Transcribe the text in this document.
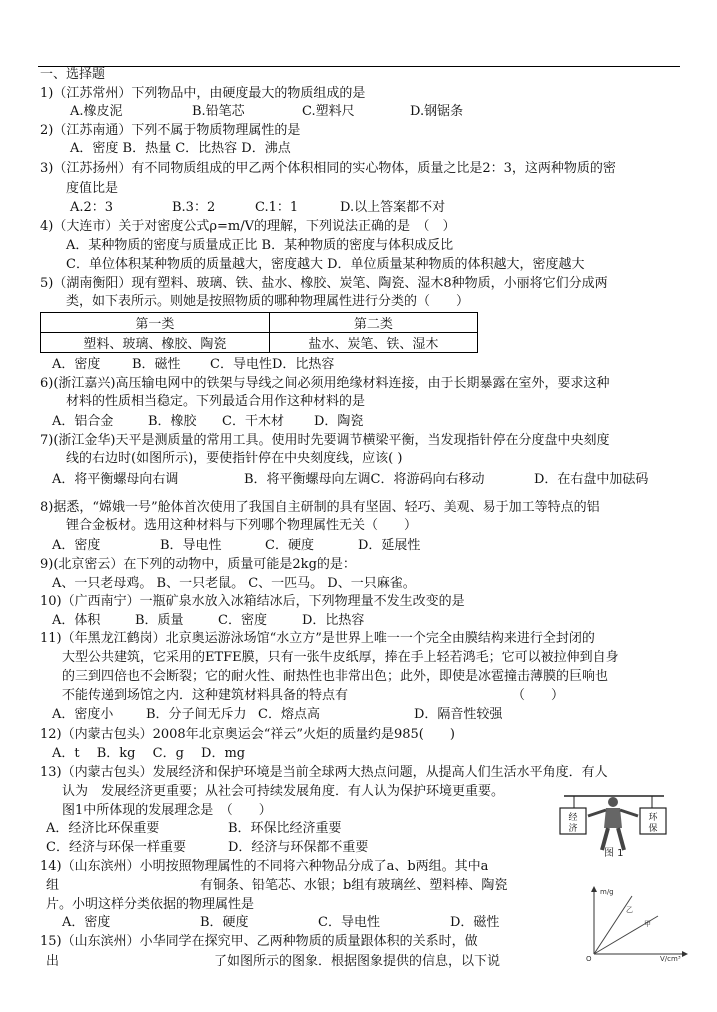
一、选择题
1)（江苏常州）下列物品中，由硬度最大的物质组成的是
A.橡皮泥	B.铅笔芯	C.塑料尺	D.钢锯条
2)（江苏南通）下列不属于物质物理属性的是
A．密度 B．热量 C．比热容 D．沸点
3)（江苏扬州）有不同物质组成的甲乙两个体积相同的实心物体，质量之比是2：3，这两种物质的密
度值比是
A.2：3	B.3：2	C.1：1	D.以上答案都不对
4)（大连市）关于对密度公式ρ=m/V的理解，下列说法正确的是　（　）
A．某种物质的密度与质量成正比 B．某种物质的密度与体积成反比
C．单位体积某种物质的质量越大，密度越大 D．单位质量某种物质的体积越大，密度越大
5)（湖南衡阳）现有塑料、玻璃、铁、盐水、橡胶、炭笔、陶瓷、湿木8种物质，小丽将它们分成两
类，如下表所示。则她是按照物质的哪种物理属性进行分类的（　　）
第一类	第二类
塑料、玻璃、橡胶、陶瓷	盐水、炭笔、铁、湿木
A．密度 B．磁性 C．导电性D．比热容
6)(浙江嘉兴)高压输电网中的铁架与导线之间必须用绝缘材料连接，由于长期暴露在室外，要求这种
材料的性质相当稳定。下列最适合用作这种材料的是
A．铝合金	B．橡胶 C．干木材 D．陶瓷
7)(浙江金华)天平是测质量的常用工具。使用时先要调节横梁平衡，当发现指针停在分度盘中央刻度
线的右边时(如图所示)，要使指针停在中央刻度线，应该( )
A．将平衡螺母向右调	B．将平衡螺母向左调C．将游码向右移动	D．在右盘中加砝码
8)据悉，“嫦娥一号”舱体首次使用了我国自主研制的具有坚固、轻巧、美观、易于加工等特点的铝
锂合金板材。选用这种材料与下列哪个物理属性无关（　　）
A．密度	B．导电性	C．硬度	D．延展性
9)(北京密云）在下列的动物中，质量可能是2kg的是：
A、一只老母鸡。 B、一只老鼠。 C、一匹马。 D、一只麻雀。
10)（广西南宁）一瓶矿泉水放入冰箱结冰后，下列物理量不发生改变的是
A．体积	B．质量	C．密度	D．比热容
11)（年黑龙江鹤岗）北京奥运游泳场馆“水立方”是世界上唯一一个完全由膜结构来进行全封闭的
大型公共建筑，它采用的ETFE膜，只有一张牛皮纸厚，捧在手上轻若鸿毛；它可以被拉伸到自身
的三到四倍也不会断裂；它的耐火性、耐热性也非常出色；此外，即使是冰雹撞击薄膜的巨响也
不能传递到场馆之内．这种建筑材料具备的特点有	（　　）
A．密度小	B．分子间无斥力 C．熔点高	D．隔音性较强
12)（内蒙古包头）2008年北京奥运会“祥云”火炬的质量约是985(　　)
A．t　 B．kg　 C．g　 D．mg
13)（内蒙古包头）发展经济和保护环境是当前全球两大热点问题，从提高人们生活水平角度．有人
认为　发展经济更重要；从社会可持续发展角度．有人认为保护环境更重要。
图1中所体现的发展理念是　（　　）
A．经济比环保重要	B．环保比经济重要
C．经济与环保一样重要	D．经济与环保都不重要
经
济
环
保
图 1
14)（山东滨州）小明按照物理属性的不同将六种物品分成了a、b两组。其中a
组	有铜条、铅笔芯、水银；b组有玻璃丝、塑料棒、陶瓷
片。小明这样分类依据的物理属性是
A．密度	B．硬度	C．导电性	D．磁性
15)（山东滨州）小华同学在探究甲、乙两种物质的质量跟体积的关系时，做
出	了如图所示的图象．根据图象提供的信息，以下说
m/g
V/cm³
O
乙
甲
